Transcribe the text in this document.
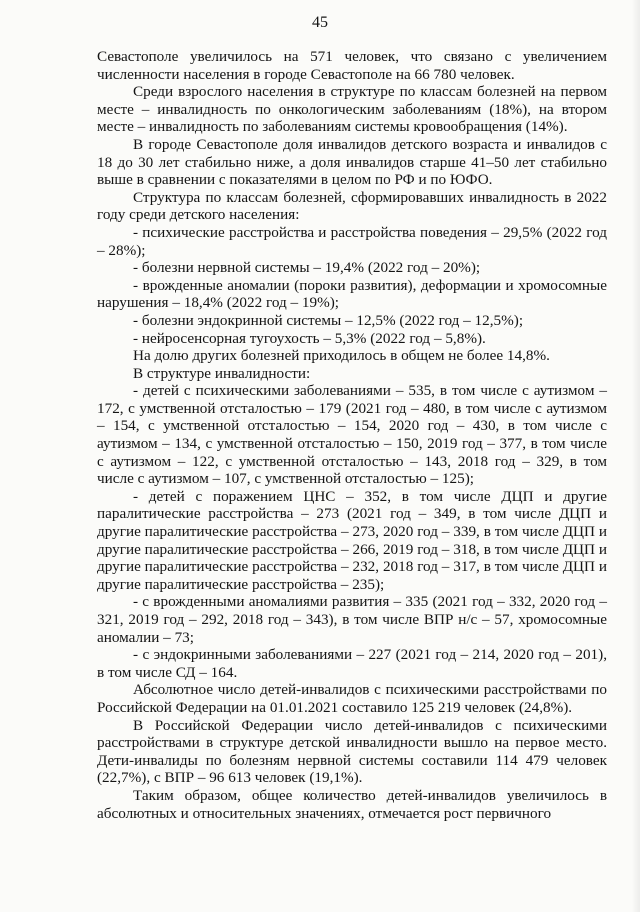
45

Севастополе увеличилось на 571 человек, что связано с увеличением численности населения в городе Севастополе на 66 780 человек.

Среди взрослого населения в структуре по классам болезней на первом месте – инвалидность по онкологическим заболеваниям (18%), на втором месте – инвалидность по заболеваниям системы кровообращения (14%).

В городе Севастополе доля инвалидов детского возраста и инвалидов с 18 до 30 лет стабильно ниже, а доля инвалидов старше 41–50 лет стабильно выше в сравнении с показателями в целом по РФ и по ЮФО.

Структура по классам болезней, сформировавших инвалидность в 2022 году среди детского населения:

- психические расстройства и расстройства поведения – 29,5% (2022 год – 28%);

- болезни нервной системы – 19,4% (2022 год – 20%);

- врожденные аномалии (пороки развития), деформации и хромосомные нарушения – 18,4% (2022 год – 19%);

- болезни эндокринной системы – 12,5% (2022 год – 12,5%);

- нейросенсорная тугоухость – 5,3% (2022 год – 5,8%).

На долю других болезней приходилось в общем не более 14,8%.

В структуре инвалидности:

- детей с психическими заболеваниями – 535, в том числе с аутизмом – 172, с умственной отсталостью – 179 (2021 год – 480, в том числе с аутизмом – 154, с умственной отсталостью – 154, 2020 год – 430, в том числе с аутизмом – 134, с умственной отсталостью – 150, 2019 год – 377, в том числе с аутизмом – 122, с умственной отсталостью – 143, 2018 год – 329, в том числе с аутизмом – 107, с умственной отсталостью – 125);

- детей с поражением ЦНС – 352, в том числе ДЦП и другие паралитические расстройства – 273 (2021 год – 349, в том числе ДЦП и другие паралитические расстройства – 273, 2020 год – 339, в том числе ДЦП и другие паралитические расстройства – 266, 2019 год – 318, в том числе ДЦП и другие паралитические расстройства – 232, 2018 год – 317, в том числе ДЦП и другие паралитические расстройства – 235);

- с врожденными аномалиями развития – 335 (2021 год – 332, 2020 год – 321, 2019 год – 292, 2018 год – 343), в том числе ВПР н/с – 57, хромосомные аномалии – 73;

- с эндокринными заболеваниями – 227 (2021 год – 214, 2020 год – 201), в том числе СД – 164.

Абсолютное число детей-инвалидов с психическими расстройствами по Российской Федерации на 01.01.2021 составило 125 219 человек (24,8%).

В Российской Федерации число детей-инвалидов с психическими расстройствами в структуре детской инвалидности вышло на первое место. Дети-инвалиды по болезням нервной системы составили 114 479 человек (22,7%), с ВПР – 96 613 человек (19,1%).

Таким образом, общее количество детей-инвалидов увеличилось в абсолютных и относительных значениях, отмечается рост первичного
